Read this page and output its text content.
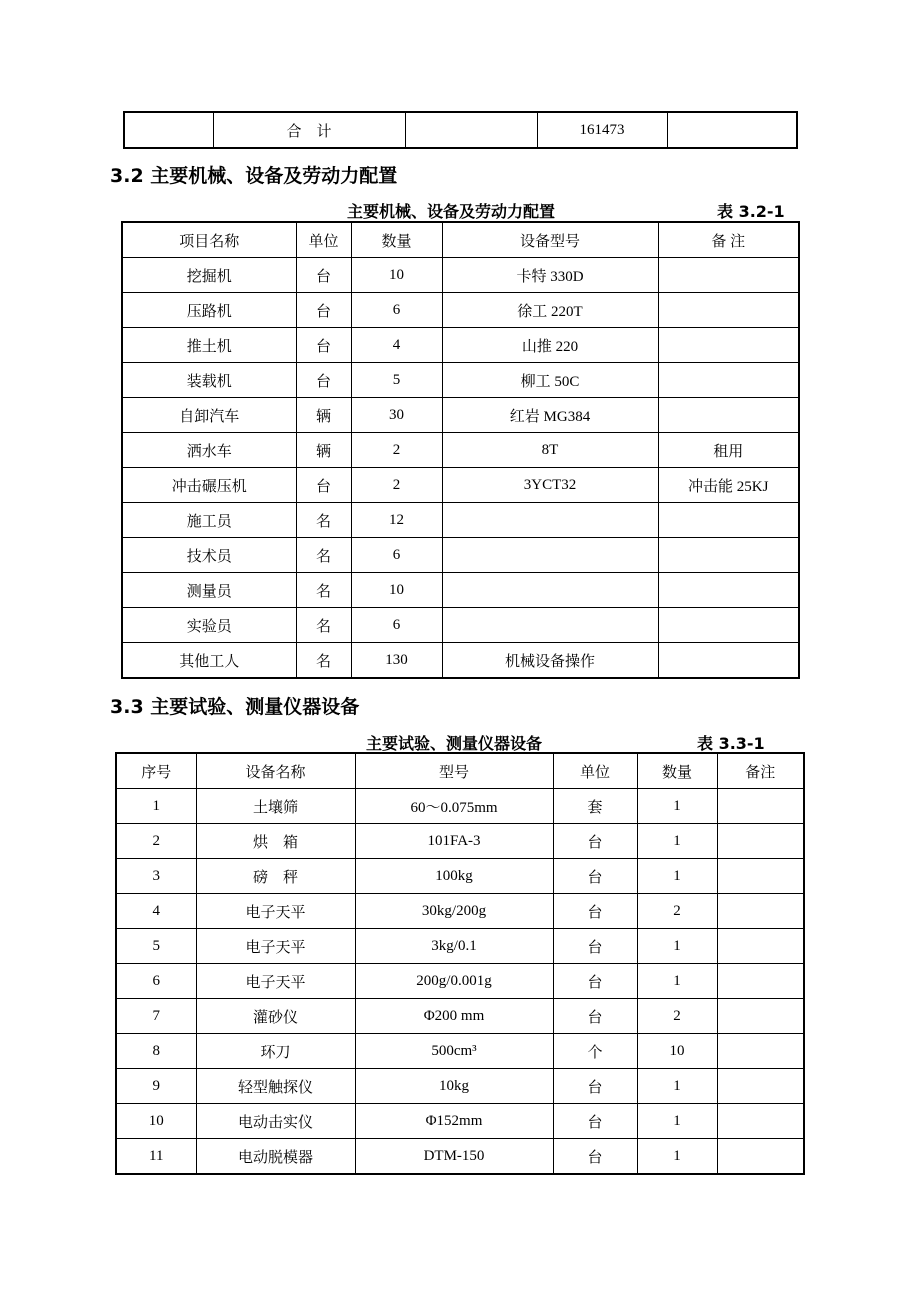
	合　计		161473	
3.2 主要机械、设备及劳动力配置
主要机械、设备及劳动力配置	表 3.2-1
项目名称	单位	数量	设备型号	备 注
挖掘机	台	10	卡特 330D	
压路机	台	6	徐工 220T	
推土机	台	4	山推 220	
装载机	台	5	柳工 50C	
自卸汽车	辆	30	红岩 MG384	
洒水车	辆	2	8T	租用
冲击碾压机	台	2	3YCT32	冲击能 25KJ
施工员	名	12		
技术员	名	6		
测量员	名	10		
实验员	名	6		
其他工人	名	130	机械设备操作	
3.3 主要试验、测量仪器设备
主要试验、测量仪器设备	表 3.3-1
序号	设备名称	型号	单位	数量	备注
1	土壤筛	60～0.075mm	套	1	
2	烘　箱	101FA-3	台	1	
3	磅　秤	100kg	台	1	
4	电子天平	30kg/200g	台	2	
5	电子天平	3kg/0.1	台	1	
6	电子天平	200g/0.001g	台	1	
7	灌砂仪	Φ200 mm	台	2	
8	环刀	500cm³	个	10	
9	轻型触探仪	10kg	台	1	
10	电动击实仪	Φ152mm	台	1	
11	电动脱模器	DTM-150	台	1	
